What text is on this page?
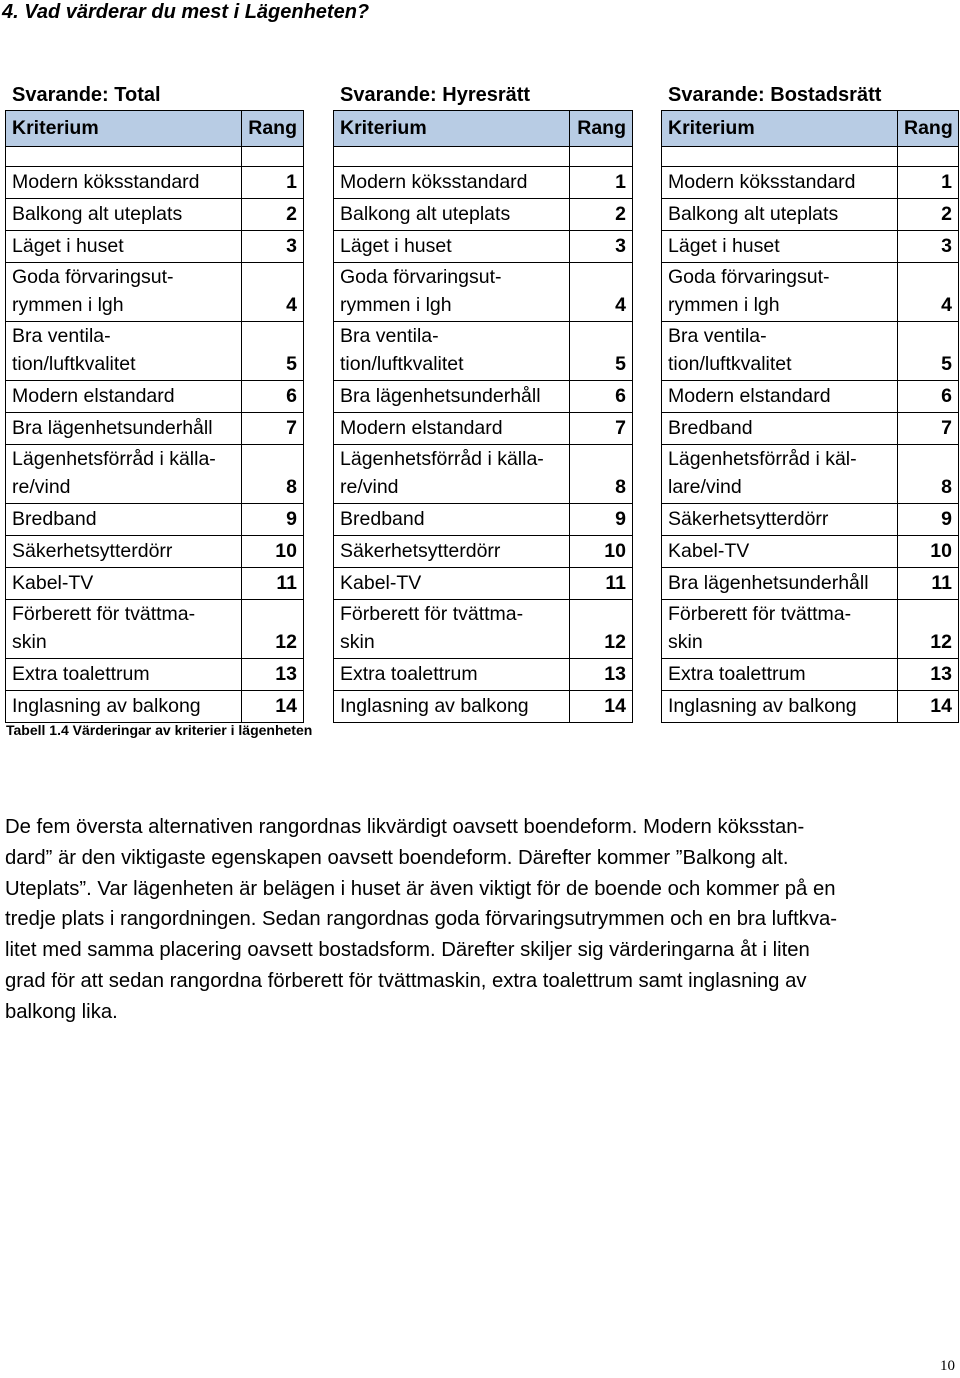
4. Vad värderar du mest i Lägenheten?
Svarande: Total	Svarande: Hyresrätt	Svarande: Bostadsrätt
Kriterium	Rang

Modern köksstandard	1
Balkong alt uteplats	2
Läget i huset	3
Goda förvaringsut-
rymmen i lgh	4
Bra ventila-
tion/luftkvalitet	5
Modern elstandard	6
Bra lägenhetsunderhåll	7
Lägenhetsförråd i källa-
re/vind	8
Bredband	9
Säkerhetsytterdörr	10
Kabel-TV	11
Förberett för tvättma-
skin	12
Extra toalettrum	13
Inglasning av balkong	14
Kriterium	Rang

Modern köksstandard	1
Balkong alt uteplats	2
Läget i huset	3
Goda förvaringsut-
rymmen i lgh	4
Bra ventila-
tion/luftkvalitet	5
Bra lägenhetsunderhåll	6
Modern elstandard	7
Lägenhetsförråd i källa-
re/vind	8
Bredband	9
Säkerhetsytterdörr	10
Kabel-TV	11
Förberett för tvättma-
skin	12
Extra toalettrum	13
Inglasning av balkong	14
Kriterium	Rang

Modern köksstandard	1
Balkong alt uteplats	2
Läget i huset	3
Goda förvaringsut-
rymmen i lgh	4
Bra ventila-
tion/luftkvalitet	5
Modern elstandard	6
Bredband	7
Lägenhetsförråd i käl-
lare/vind	8
Säkerhetsytterdörr	9
Kabel-TV	10
Bra lägenhetsunderhåll	11
Förberett för tvättma-
skin	12
Extra toalettrum	13
Inglasning av balkong	14
Tabell 1.4 Värderingar av kriterier i lägenheten
De fem översta alternativen rangordnas likvärdigt oavsett boendeform. Modern köksstan-
dard” är den viktigaste egenskapen oavsett boendeform. Därefter kommer ”Balkong alt.
Uteplats”. Var lägenheten är belägen i huset är även viktigt för de boende och kommer på en
tredje plats i rangordningen. Sedan rangordnas goda förvaringsutrymmen och en bra luftkva-
litet med samma placering oavsett bostadsform. Därefter skiljer sig värderingarna åt i liten
grad för att sedan rangordna förberett för tvättmaskin, extra toalettrum samt inglasning av
balkong lika.
10
